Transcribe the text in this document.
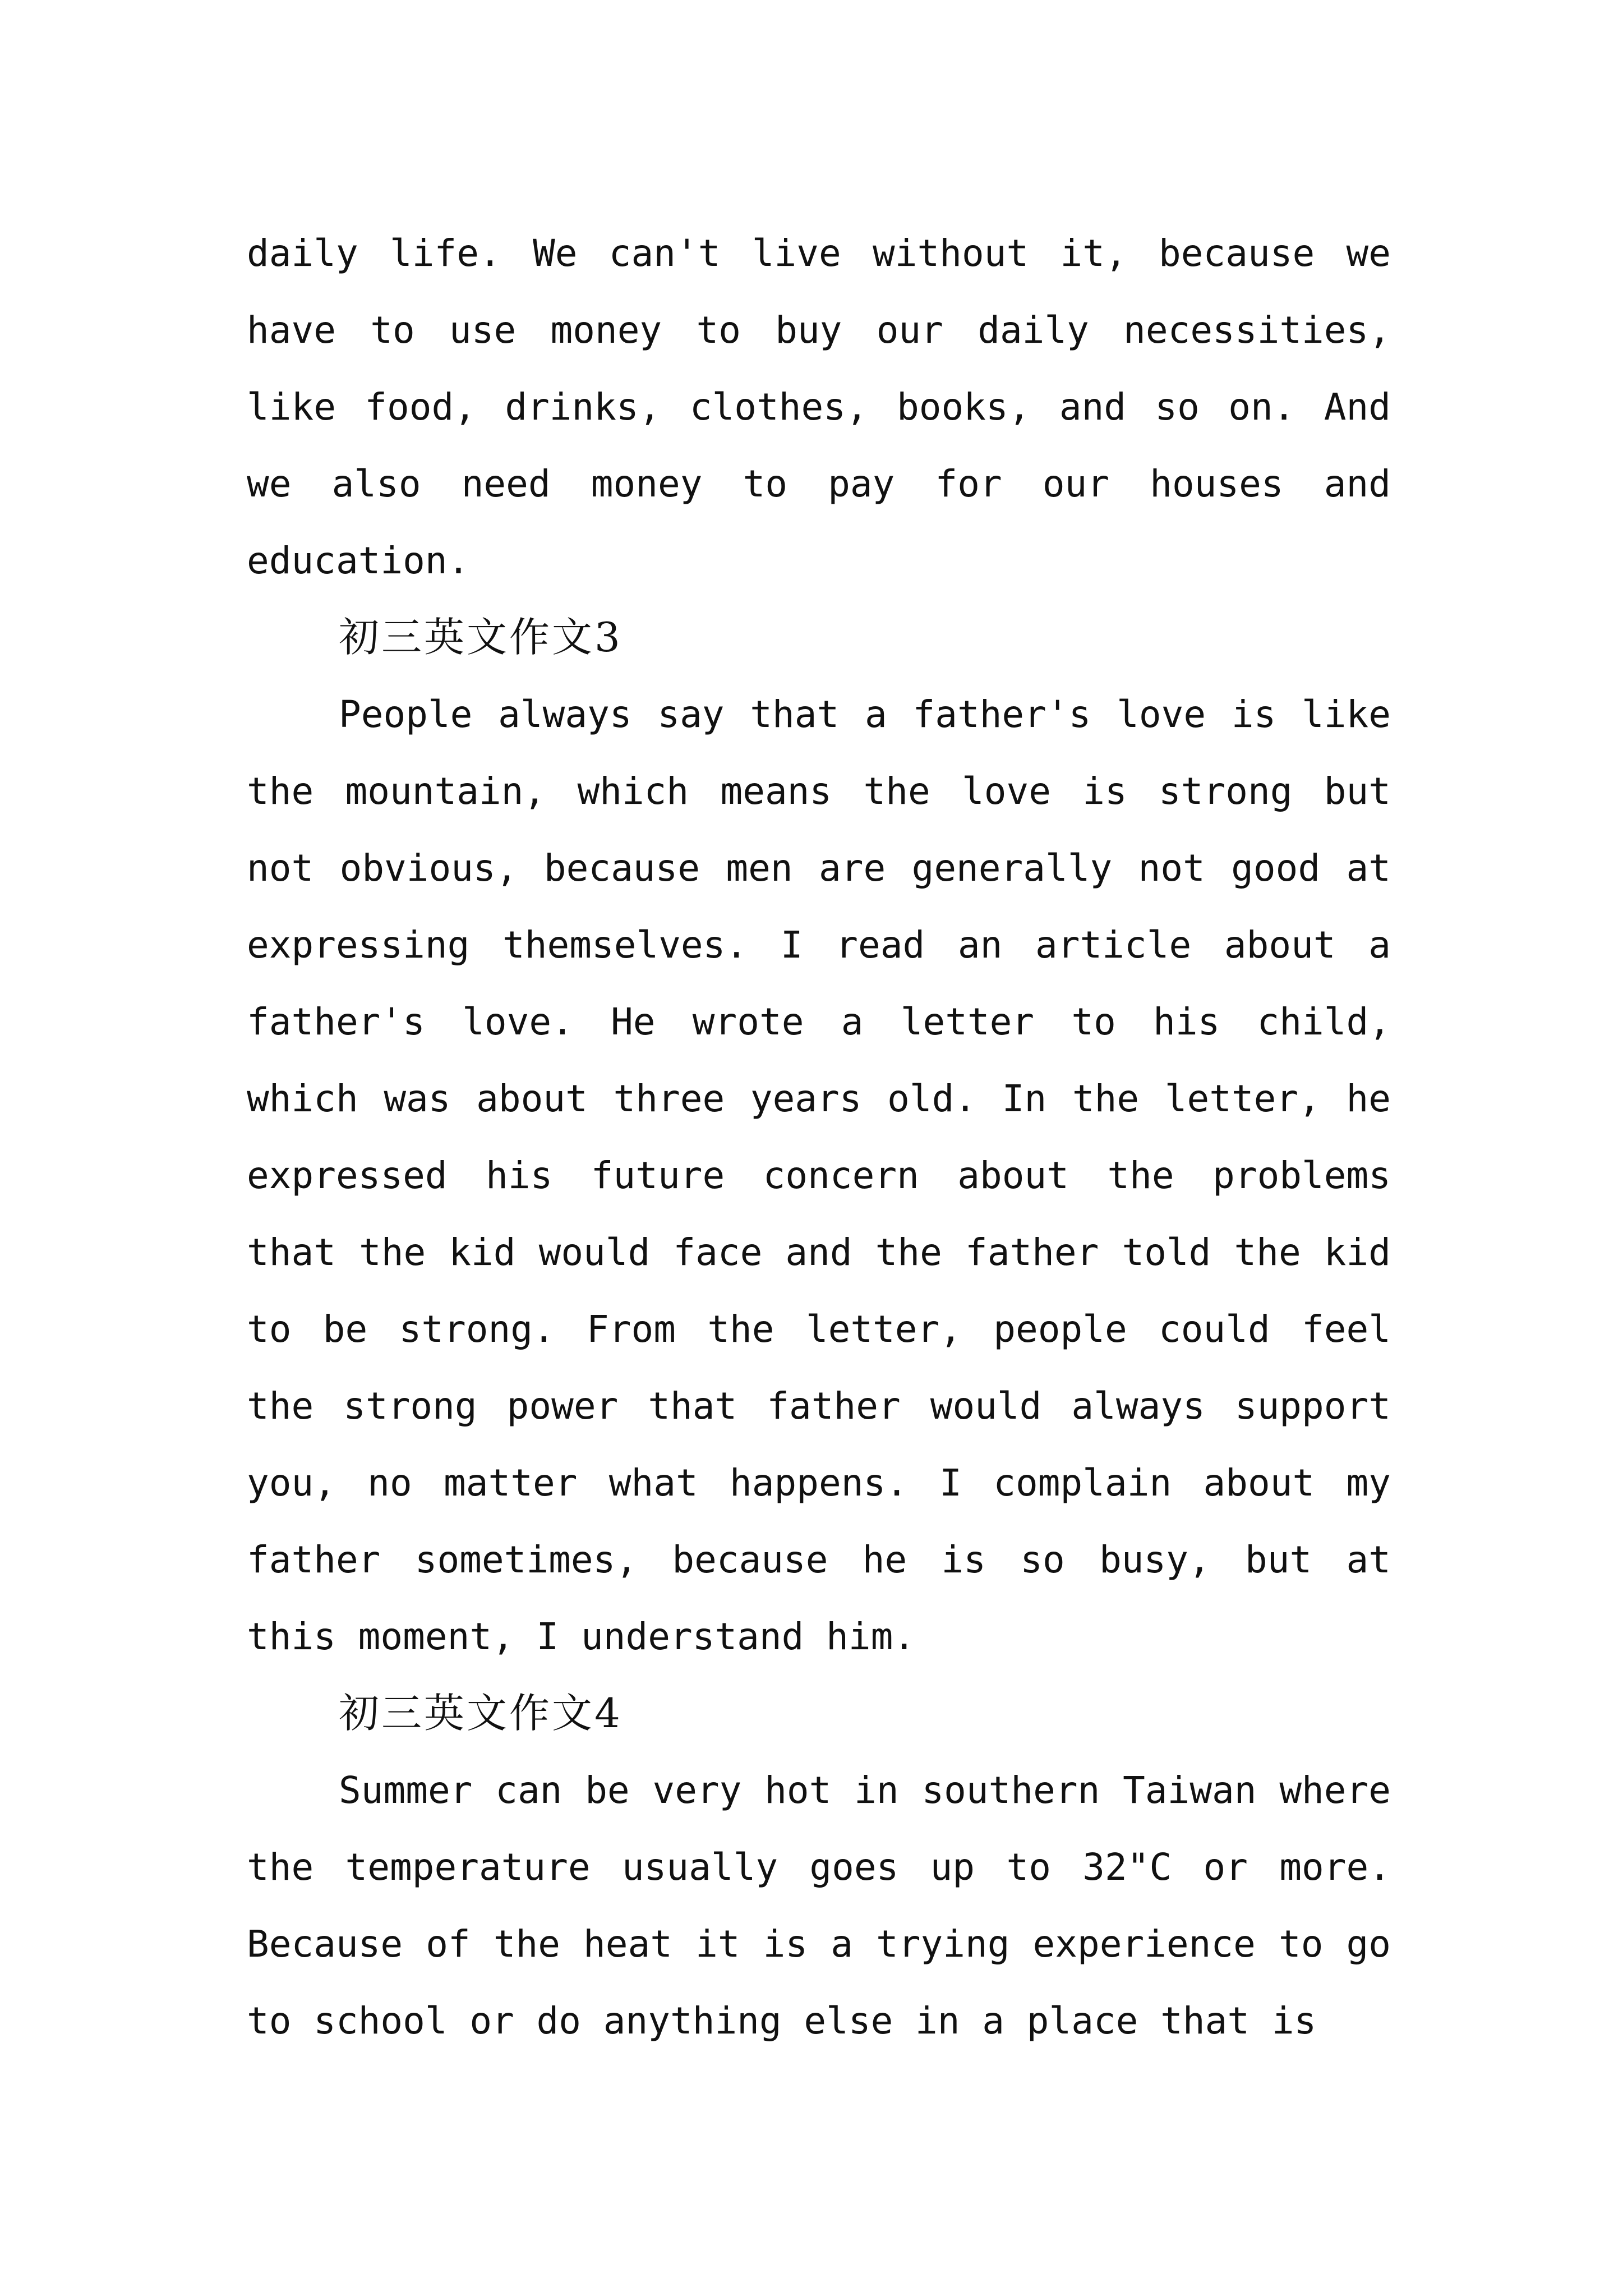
daily life. We can't live without it, because we have to use money to buy our daily necessities, like food, drinks, clothes, books, and so on. And we also need money to pay for our houses and education.

初三英文作文3

People always say that a father's love is like the mountain, which means the love is strong but not obvious, because men are generally not good at expressing themselves. I read an article about a father's love. He wrote a letter to his child, which was about three years old. In the letter, he expressed his future concern about the problems that the kid would face and the father told the kid to be strong. From the letter, people could feel the strong power that father would always support you, no matter what happens. I complain about my father sometimes, because he is so busy, but at this moment, I understand him.

初三英文作文4

Summer can be very hot in southern Taiwan where the temperature usually goes up to 32"C or more. Because of the heat it is a trying experience to go to school or do anything else in a place that is
